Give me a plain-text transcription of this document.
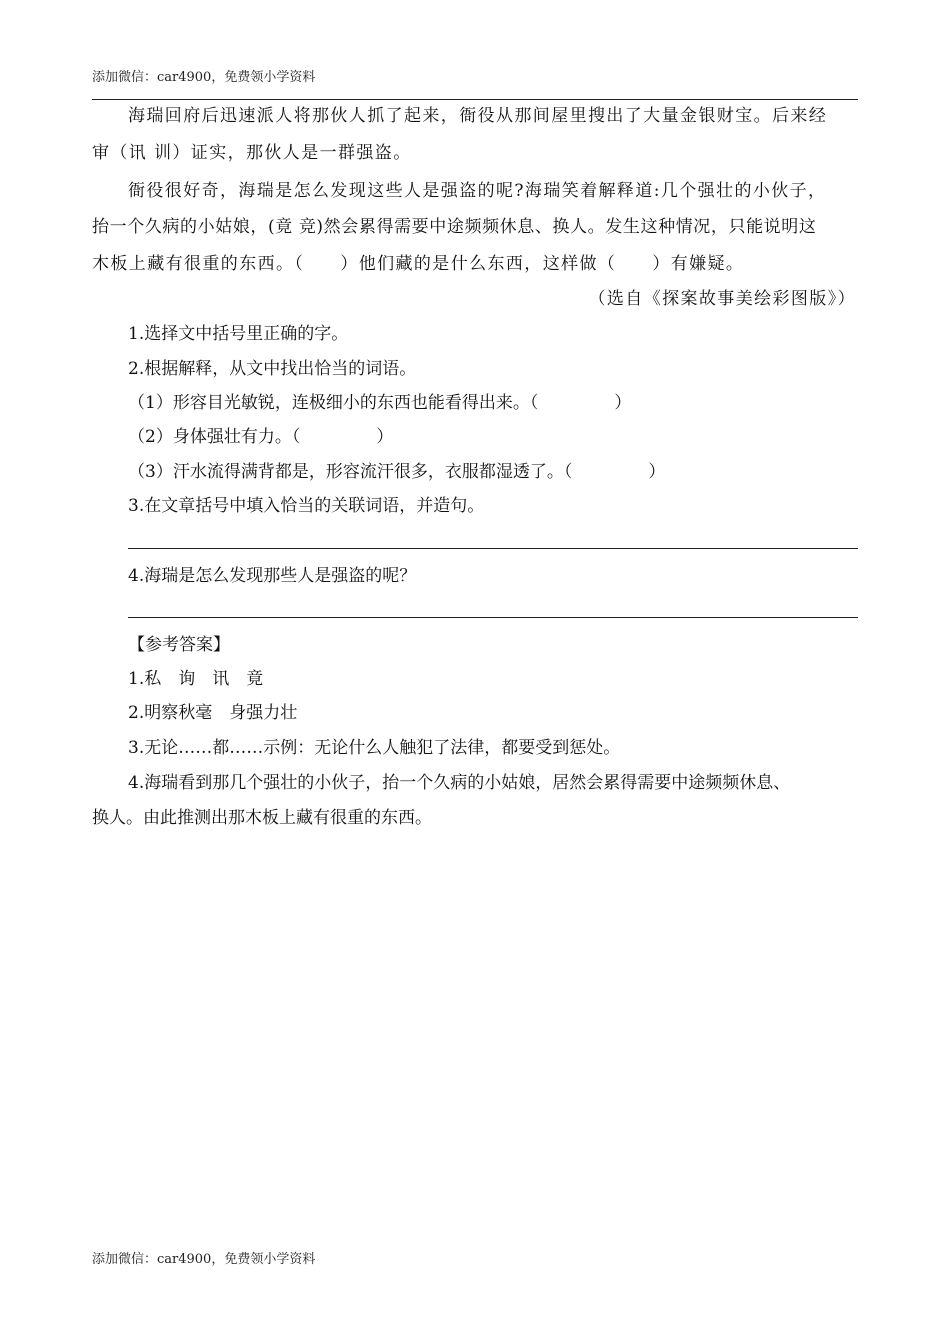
添加微信：car4900，免费领小学资料
海瑞回府后迅速派人将那伙人抓了起来，衙役从那间屋里搜出了大量金银财宝。后来经
审（讯 训）证实，那伙人是一群强盗。
衙役很好奇，海瑞是怎么发现这些人是强盗的呢?海瑞笑着解释道:几个强壮的小伙子，
抬一个久病的小姑娘，(竟 竞)然会累得需要中途频频休息、换人。发生这种情况，只能说明这
木板上藏有很重的东西。（ ）他们藏的是什么东西，这样做（ ）有嫌疑。
（选自《探案故事美绘彩图版》）
1.选择文中括号里正确的字。
2.根据解释，从文中找出恰当的词语。
（1）形容目光敏锐，连极细小的东西也能看得出来。（	）
（2）身体强壮有力。（	）
（3）汗水流得满背都是，形容流汗很多，衣服都湿透了。（	）
3.在文章括号中填入恰当的关联词语，并造句。
4.海瑞是怎么发现那些人是强盗的呢？
【参考答案】
1.私　询　讯　竟
2.明察秋毫　身强力壮
3.无论……都……示例：无论什么人触犯了法律，都要受到惩处。
4.海瑞看到那几个强壮的小伙子，抬一个久病的小姑娘，居然会累得需要中途频频休息、
换人。由此推测出那木板上藏有很重的东西。
添加微信：car4900，免费领小学资料
